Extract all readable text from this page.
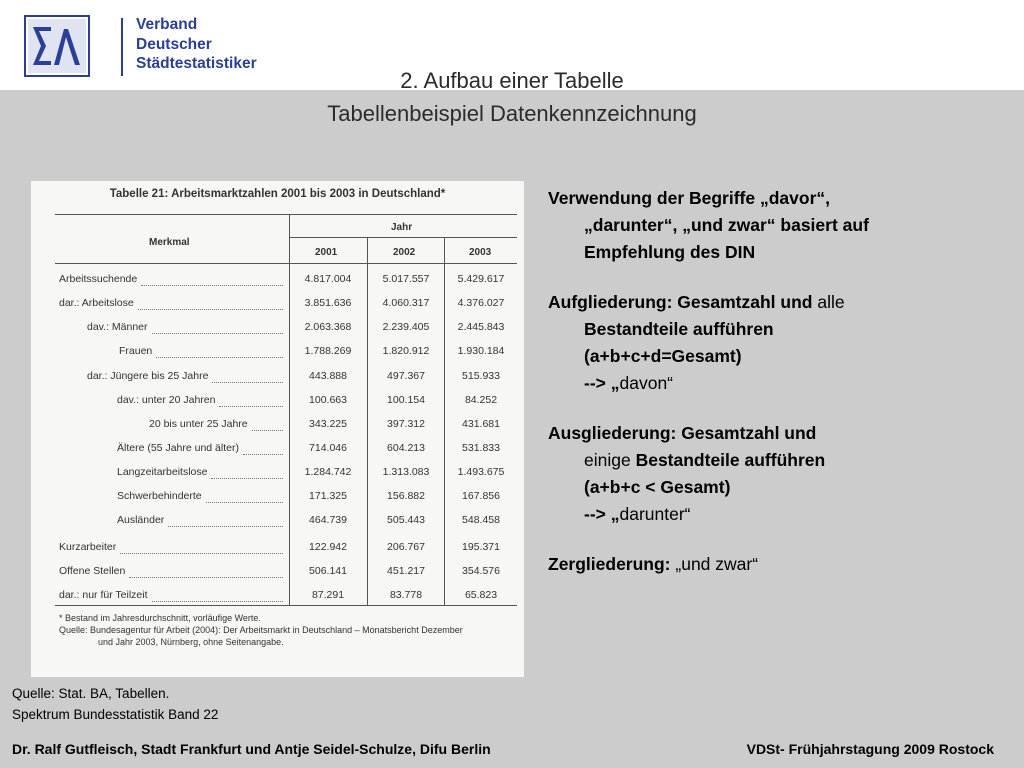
Verband
Deutscher
Städtestatistiker
2. Aufbau einer Tabelle
Tabellenbeispiel Datenkennzeichnung
Tabelle 21: Arbeitsmarktzahlen 2001 bis 2003 in Deutschland*
Merkmal
Jahr
2001	2002	2003
Arbeitssuchende	4.817.004	5.017.557	5.429.617
dar.: Arbeitslose	3.851.636	4.060.317	4.376.027
dav.: Männer	2.063.368	2.239.405	2.445.843
Frauen	1.788.269	1.820.912	1.930.184
dar.: Jüngere bis 25 Jahre	443.888	497.367	515.933
dav.: unter 20 Jahren	100.663	100.154	84.252
20 bis unter 25 Jahre	343.225	397.312	431.681
Ältere (55 Jahre und älter)	714.046	604.213	531.833
Langzeitarbeitslose	1.284.742	1.313.083	1.493.675
Schwerbehinderte	171.325	156.882	167.856
Ausländer	464.739	505.443	548.458
Kurzarbeiter	122.942	206.767	195.371
Offene Stellen	506.141	451.217	354.576
dar.: nur für Teilzeit	87.291	83.778	65.823
* Bestand im Jahresdurchschnitt, vorläufige Werte.
Quelle: Bundesagentur für Arbeit (2004): Der Arbeitsmarkt in Deutschland – Monatsbericht Dezember
und Jahr 2003, Nürnberg, ohne Seitenangabe.
Verwendung der Begriffe „davor“,
„darunter“, „und zwar“ basiert auf
Empfehlung des DIN
Aufgliederung: Gesamtzahl und alle
Bestandteile aufführen
(a+b+c+d=Gesamt)
--> „davon“
Ausgliederung: Gesamtzahl und
einige Bestandteile aufführen
(a+b+c < Gesamt)
--> „darunter“
Zergliederung: „und zwar“
Quelle: Stat. BA, Tabellen.
Spektrum Bundesstatistik Band 22
Dr. Ralf Gutfleisch, Stadt Frankfurt und Antje Seidel-Schulze, Difu Berlin	VDSt- Frühjahrstagung 2009 Rostock
